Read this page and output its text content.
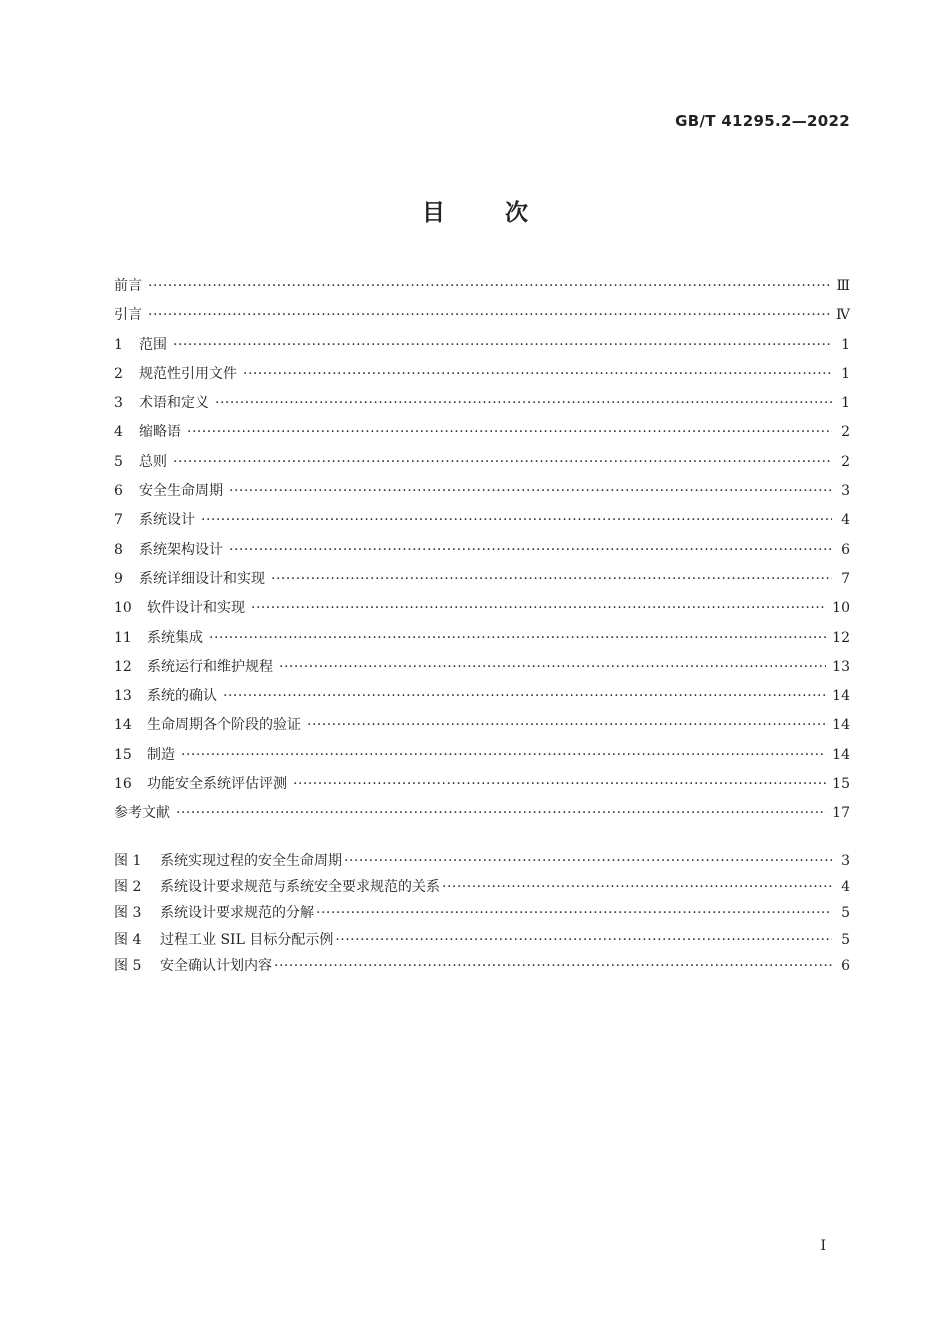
GB/T 41295.2—2022
目	次
前言 ·····	Ⅲ
引言 ·····	Ⅳ
1	范围 ·····	1
2	规范性引用文件 ·····	1
3	术语和定义 ·····	1
4	缩略语 ·····	2
5	总则 ·····	2
6	安全生命周期 ·····	3
7	系统设计 ·····	4
8	系统架构设计 ·····	6
9	系统详细设计和实现 ·····	7
10	软件设计和实现 ·····	10
11	系统集成 ·····	12
12	系统运行和维护规程 ·····	13
13	系统的确认 ·····	14
14	生命周期各个阶段的验证 ·····	14
15	制造 ·····	14
16	功能安全系统评估评测 ·····	15
参考文献 ·····	17
图 1	系统实现过程的安全生命周期 ·····	3
图 2	系统设计要求规范与系统安全要求规范的关系 ·····	4
图 3	系统设计要求规范的分解 ·····	5
图 4	过程工业 SIL 目标分配示例 ·····	5
图 5	安全确认计划内容 ·····	6
I
